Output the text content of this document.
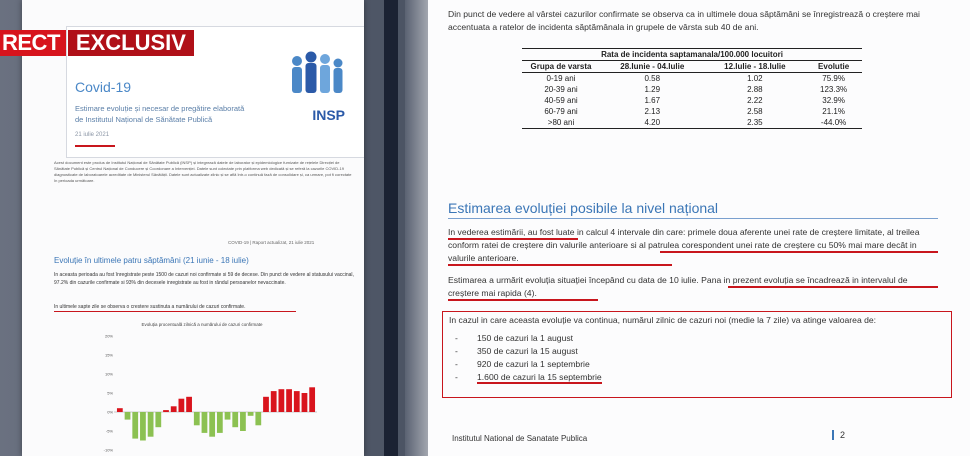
Covid-19
Estimare evoluție și necesar de pregătire elaborată de Institutul Național de Sănătate Publică
21 iulie 2021
INSP
Acest document este produs de Institutul Național de Sănătate Publică (INSP) și integrează datele de laborator și epidemiologice furnizate de rețelele Direcției de Sănătate Publică și Centrul Național de Conducere și Coordonare a Intervenției. Datele sunt colectate prin platforma web dedicată și se referă la cazurile COVID-19 diagnosticate de laboratoarele acreditate de Ministerul Sănătății. Datele sunt actualizate zilnic și se află într-o continuă fază de consolidare și, ca urmare, pot fi corectate în perioada următoare.
COVID-19 | Raport actualizat, 21 iulie 2021
Evoluție în ultimele patru săptămâni (21 iunie - 18 iulie)
In aceasta perioada au fost înregistrate peste 1500 de cazuri noi confirmate si 59 de decese. Din punct de vedere al statusului vaccinal, 97.2% din cazurile confirmate si 93% din decesele inregistrate au fost in rândul persoanelor nevaccinate.
In ultimele sapte zile se observa o crestere sustinuta a numărului de cazuri confirmate.
Evoluția procentuală zilnică a numărului de cazuri confirmate
20%
15%
10%
5%
0%
-5%
-10%
RECT EXCLUSIV
Din punct de vedere al vârstei cazurilor confirmate se observa ca in ultimele doua săptămâni se înregistrează o creștere mai accentuata a ratelor de incidenta săptămânala in grupele de vârsta sub 40 de ani.
Rata de incidenta saptamanala/100.000 locuitori			
Grupa de varsta	28.Iunie - 04.Iulie	12.Iulie - 18.Iulie	Evolutie
0-19 ani	0.58	1.02	75.9%
20-39 ani	1.29	2.88	123.3%
40-59 ani	1.67	2.22	32.9%
60-79 ani	2.13	2.58	21.1%
>80 ani	4.20	2.35	-44.0%
Estimarea evoluției posibile la nivel național
In vederea estimării, au fost luate in calcul 4 intervale din care: primele doua aferente unei rate de creștere limitate, al treilea conform ratei de creștere din valurile anterioare si al patrulea corespondent unei rate de creștere cu 50% mai mare decât in valurile anterioare.
Estimarea a urmărit evoluția situației începând cu data de 10 iulie. Pana in prezent evoluția se încadrează in intervalul de creștere mai rapida (4).
In cazul in care aceasta evoluție va continua, numărul zilnic de cazuri noi (medie la 7 zile) va atinge valoarea de:
- 150 de cazuri la 1 august
- 350 de cazuri la 15 august
- 920 de cazuri la 1 septembrie
- 1.600 de cazuri la 15 septembrie
Institutul National de Sanatate Publica	2
